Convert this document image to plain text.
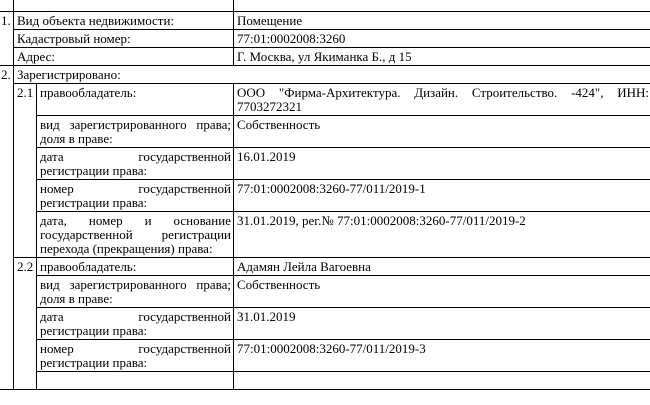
1.	Вид объекта недвижимости:		Помещение
	Кадастровый номер:		77:01:0002008:3260
	Адрес:		Г. Москва, ул Якиманка Б., д 15
2.	Зарегистрировано:		
	2.1	правообладатель:	ООО "Фирма-Архитектура. Дизайн. Строительство. -424", ИНН: 7703272321
		вид зарегистрированного права; доля в праве:	Собственность
		дата государственной регистрации права:	16.01.2019
		номер государственной регистрации права:	77:01:0002008:3260-77/011/2019-1
		дата, номер и основание государственной регистрации перехода (прекращения) права:	31.01.2019, рег.№ 77:01:0002008:3260-77/011/2019-2
	2.2	правообладатель:	Адамян Лейла Вагоевна
		вид зарегистрированного права; доля в праве:	Собственность
		дата государственной регистрации права:	31.01.2019
		номер государственной регистрации права:	77:01:0002008:3260-77/011/2019-3
